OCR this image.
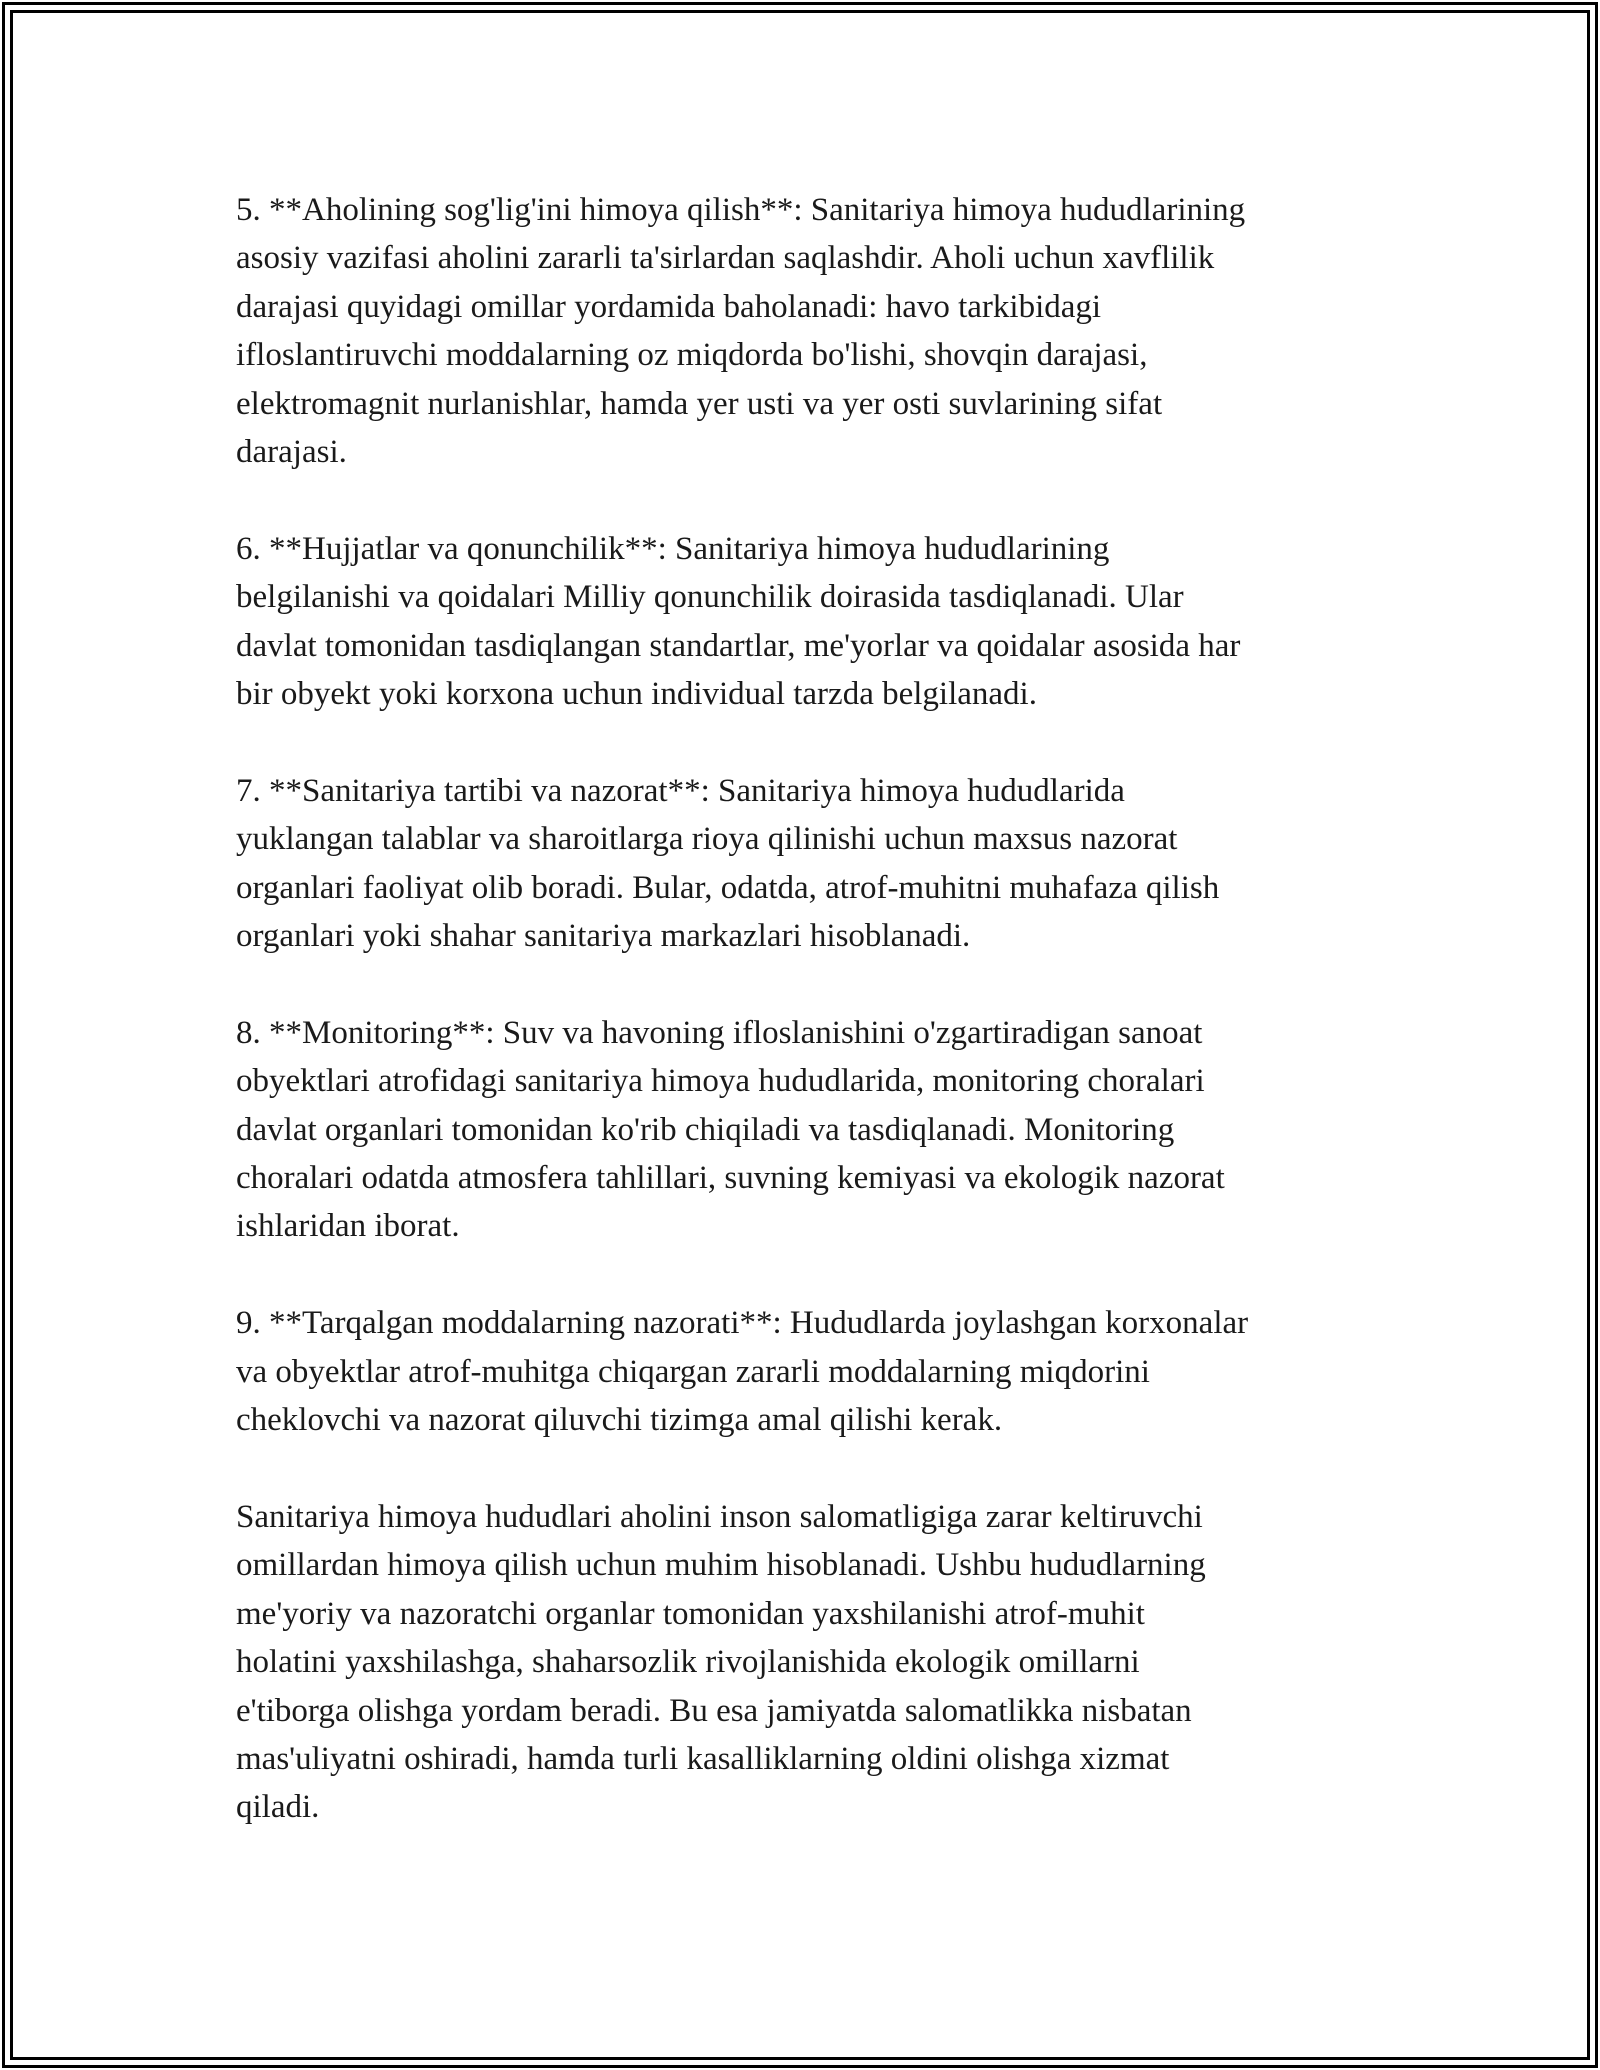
5. **Aholining sog'lig'ini himoya qilish**: Sanitariya himoya hududlarining
asosiy vazifasi aholini zararli ta'sirlardan saqlashdir. Aholi uchun xavflilik
darajasi quyidagi omillar yordamida baholanadi: havo tarkibidagi
ifloslantiruvchi moddalarning oz miqdorda bo'lishi, shovqin darajasi,
elektromagnit nurlanishlar, hamda yer usti va yer osti suvlarining sifat
darajasi.

6. **Hujjatlar va qonunchilik**: Sanitariya himoya hududlarining
belgilanishi va qoidalari Milliy qonunchilik doirasida tasdiqlanadi. Ular
davlat tomonidan tasdiqlangan standartlar, me'yorlar va qoidalar asosida har
bir obyekt yoki korxona uchun individual tarzda belgilanadi.

7. **Sanitariya tartibi va nazorat**: Sanitariya himoya hududlarida
yuklangan talablar va sharoitlarga rioya qilinishi uchun maxsus nazorat
organlari faoliyat olib boradi. Bular, odatda, atrof-muhitni muhafaza qilish
organlari yoki shahar sanitariya markazlari hisoblanadi.

8. **Monitoring**: Suv va havoning ifloslanishini o'zgartiradigan sanoat
obyektlari atrofidagi sanitariya himoya hududlarida, monitoring choralari
davlat organlari tomonidan ko'rib chiqiladi va tasdiqlanadi. Monitoring
choralari odatda atmosfera tahlillari, suvning kemiyasi va ekologik nazorat
ishlaridan iborat.

9. **Tarqalgan moddalarning nazorati**: Hududlarda joylashgan korxonalar
va obyektlar atrof-muhitga chiqargan zararli moddalarning miqdorini
cheklovchi va nazorat qiluvchi tizimga amal qilishi kerak.

Sanitariya himoya hududlari aholini inson salomatligiga zarar keltiruvchi
omillardan himoya qilish uchun muhim hisoblanadi. Ushbu hududlarning
me'yoriy va nazoratchi organlar tomonidan yaxshilanishi atrof-muhit
holatini yaxshilashga, shaharsozlik rivojlanishida ekologik omillarni
e'tiborga olishga yordam beradi. Bu esa jamiyatda salomatlikka nisbatan
mas'uliyatni oshiradi, hamda turli kasalliklarning oldini olishga xizmat
qiladi.
